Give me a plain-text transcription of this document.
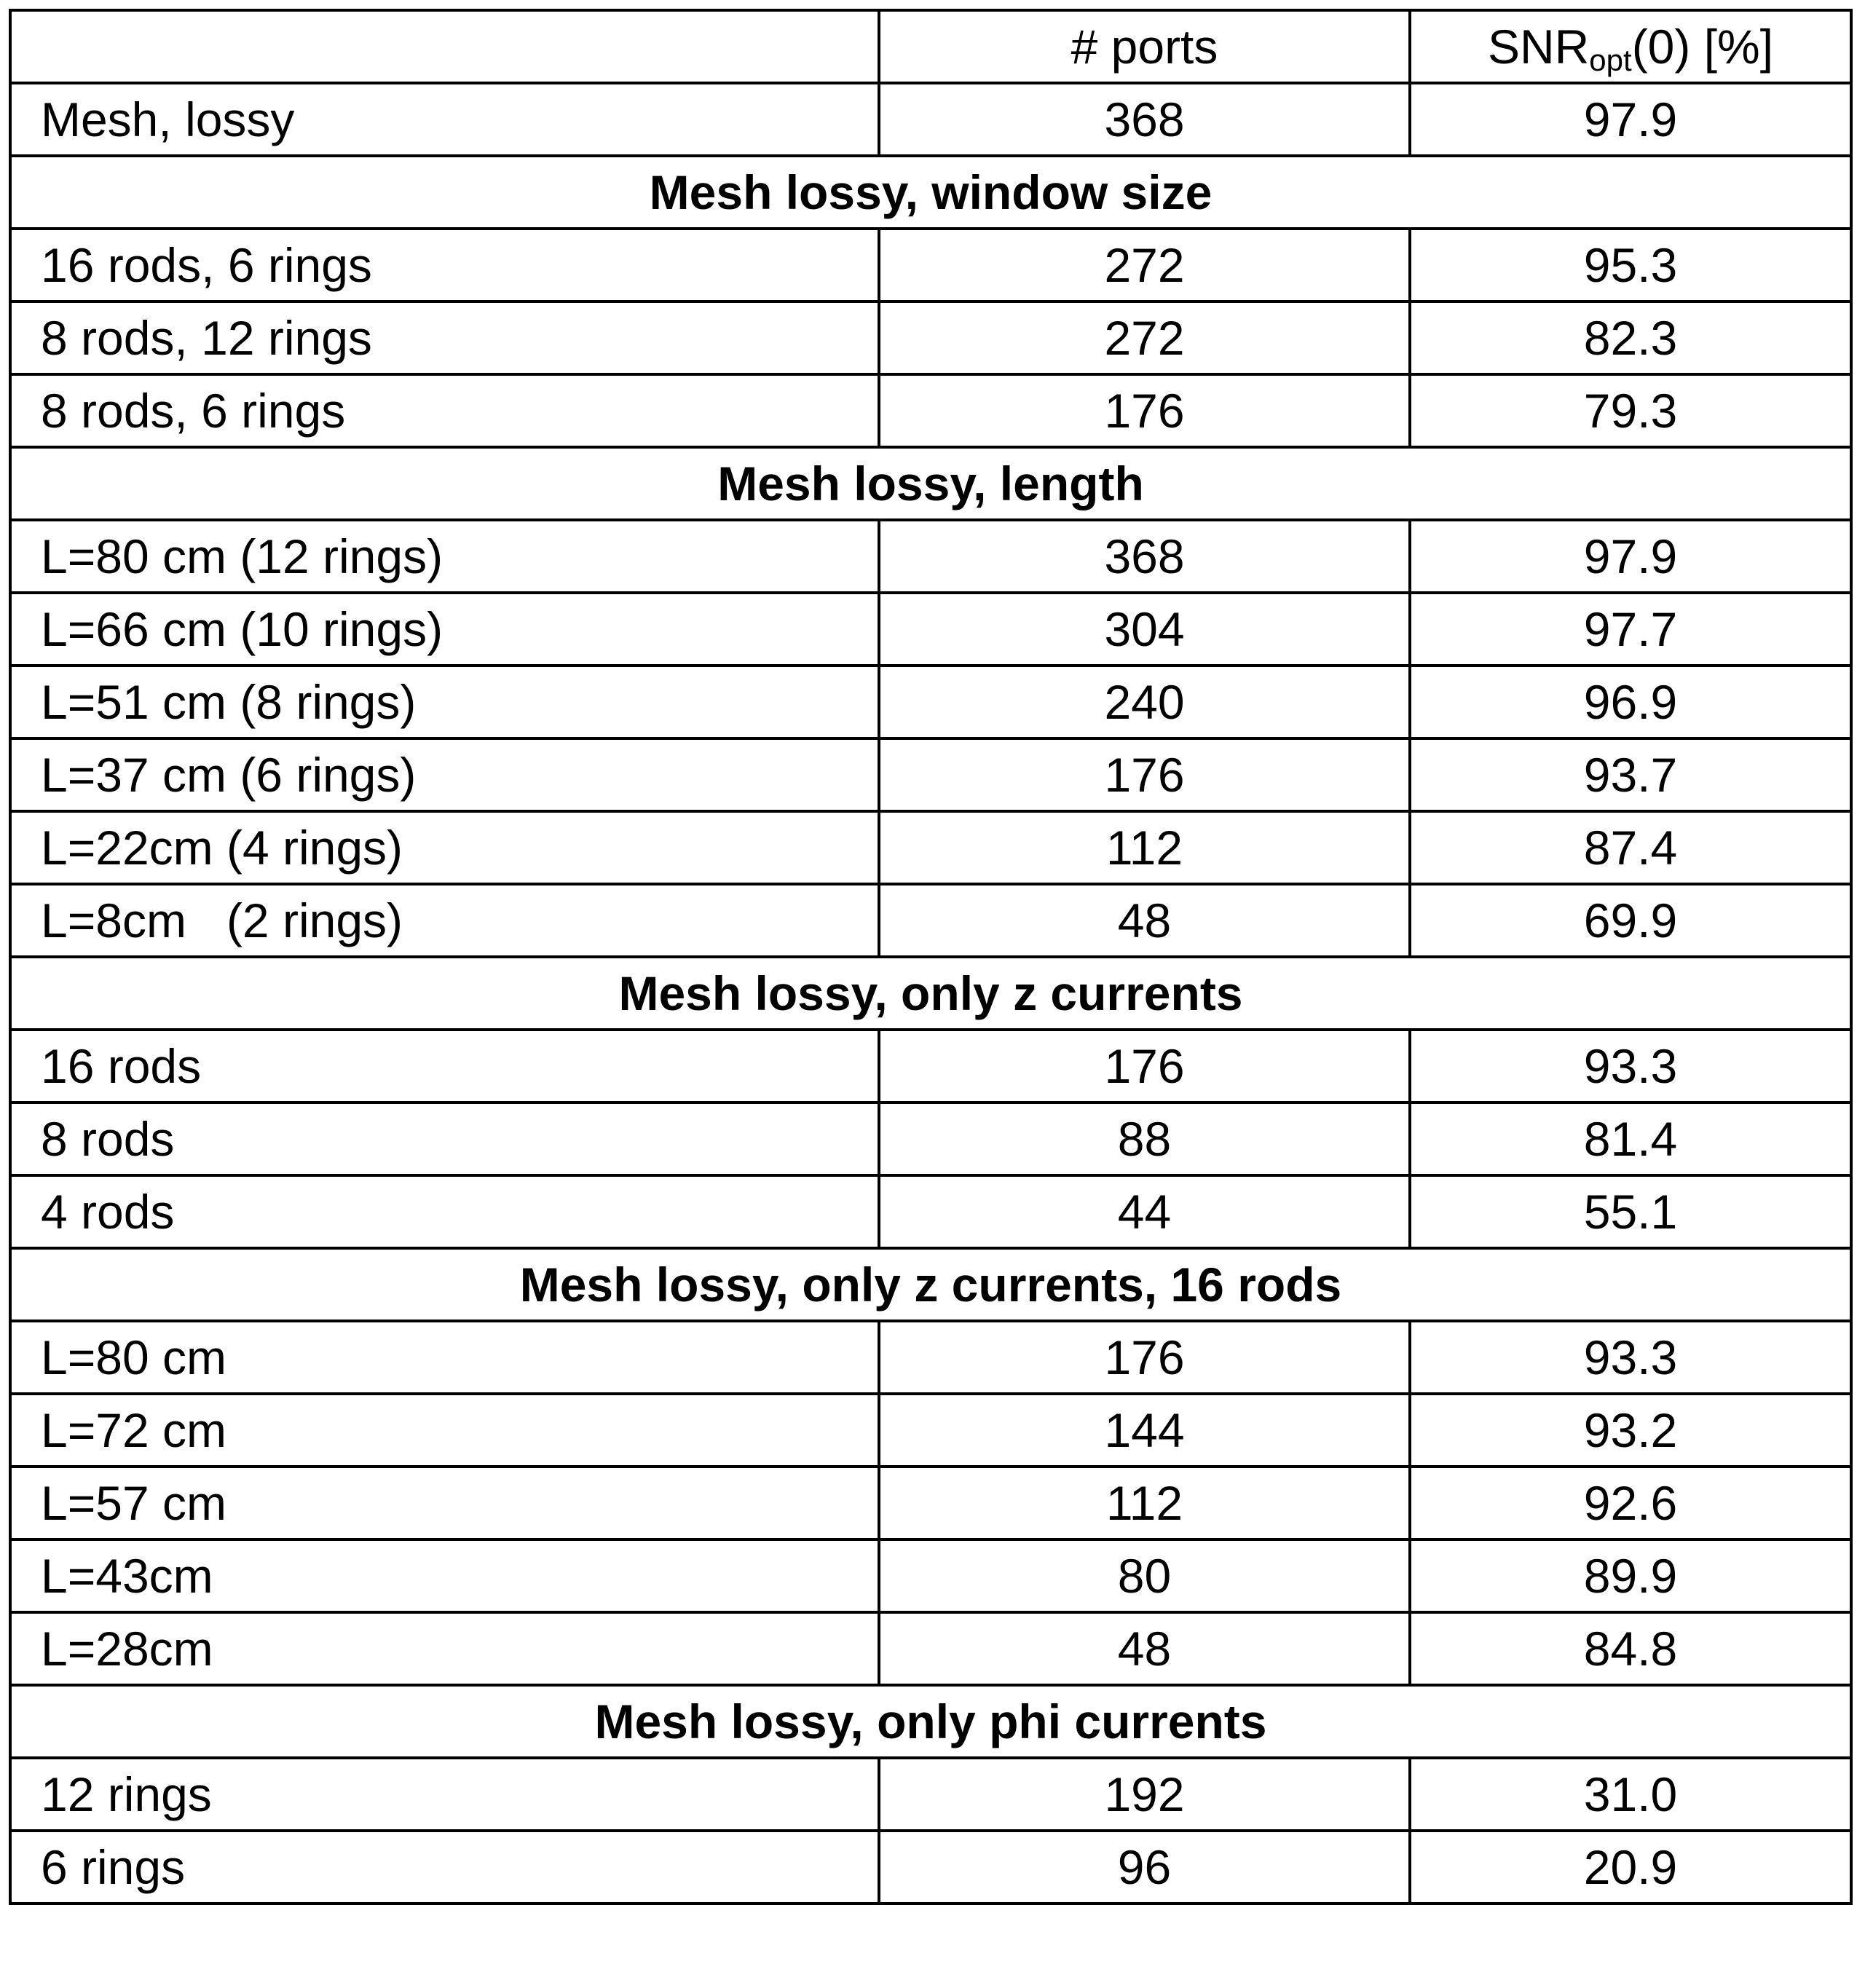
	# ports	$SNR_{opt}(0)$ [%]
Mesh, lossy	368	97.9
Mesh lossy, window size		
16 rods, 6 rings	272	95.3
8 rods, 12 rings	272	82.3
8 rods, 6 rings	176	79.3
Mesh lossy, length		
L=80 cm (12 rings)	368	97.9
L=66 cm (10 rings)	304	97.7
L=51 cm (8 rings)	240	96.9
L=37 cm (6 rings)	176	93.7
L=22cm (4 rings)	112	87.4
L=8cm   (2 rings)	48	69.9
Mesh lossy, only z currents		
16 rods	176	93.3
8 rods	88	81.4
4 rods	44	55.1
Mesh lossy, only z currents, 16 rods		
L=80 cm	176	93.3
L=72 cm	144	93.2
L=57 cm	112	92.6
L=43cm	80	89.9
L=28cm	48	84.8
Mesh lossy, only phi currents		
12 rings	192	31.0
6 rings	96	20.9
